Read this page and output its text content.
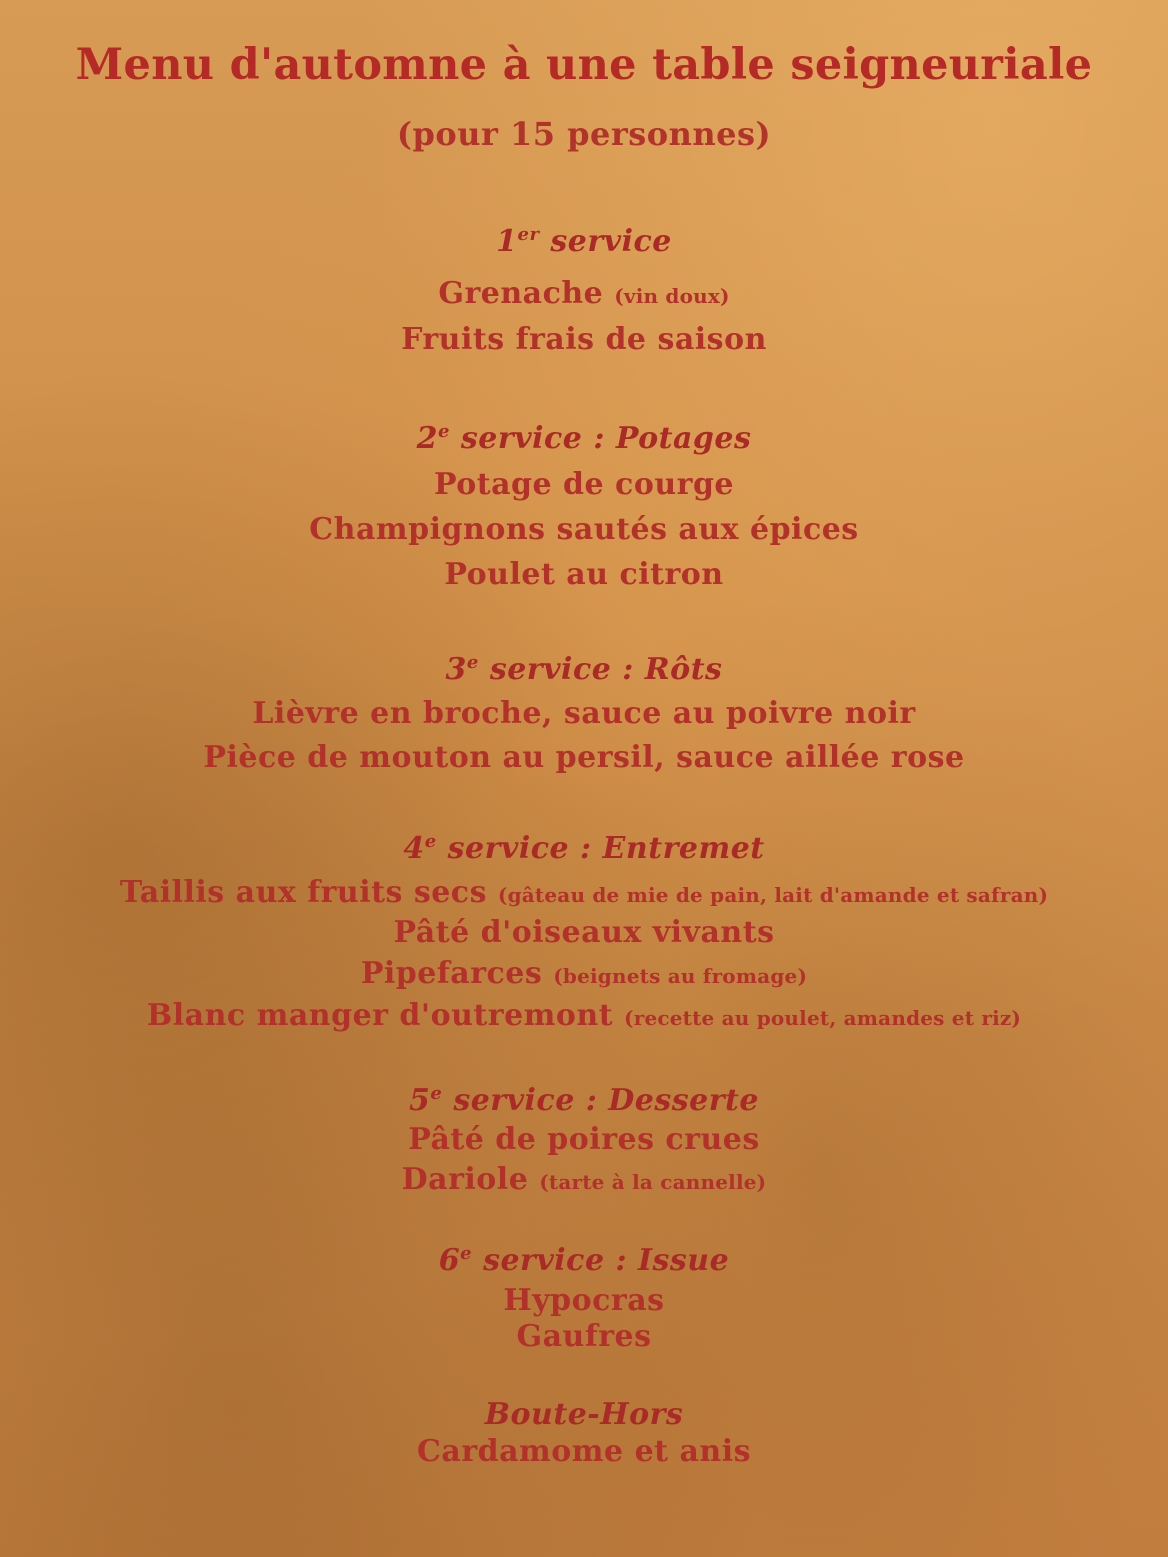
Menu d'automne à une table seigneuriale
(pour 15 personnes)
1er service
Grenache (vin doux)
Fruits frais de saison
2e service : Potages
Potage de courge
Champignons sautés aux épices
Poulet au citron
3e service : Rôts
Lièvre en broche, sauce au poivre noir
Pièce de mouton au persil, sauce aillée rose
4e service : Entremet
Taillis aux fruits secs (gâteau de mie de pain, lait d'amande et safran)
Pâté d'oiseaux vivants
Pipefarces (beignets au fromage)
Blanc manger d'outremont (recette au poulet, amandes et riz)
5e service : Desserte
Pâté de poires crues
Dariole (tarte à la cannelle)
6e service : Issue
Hypocras
Gaufres
Boute-Hors
Cardamome et anis
